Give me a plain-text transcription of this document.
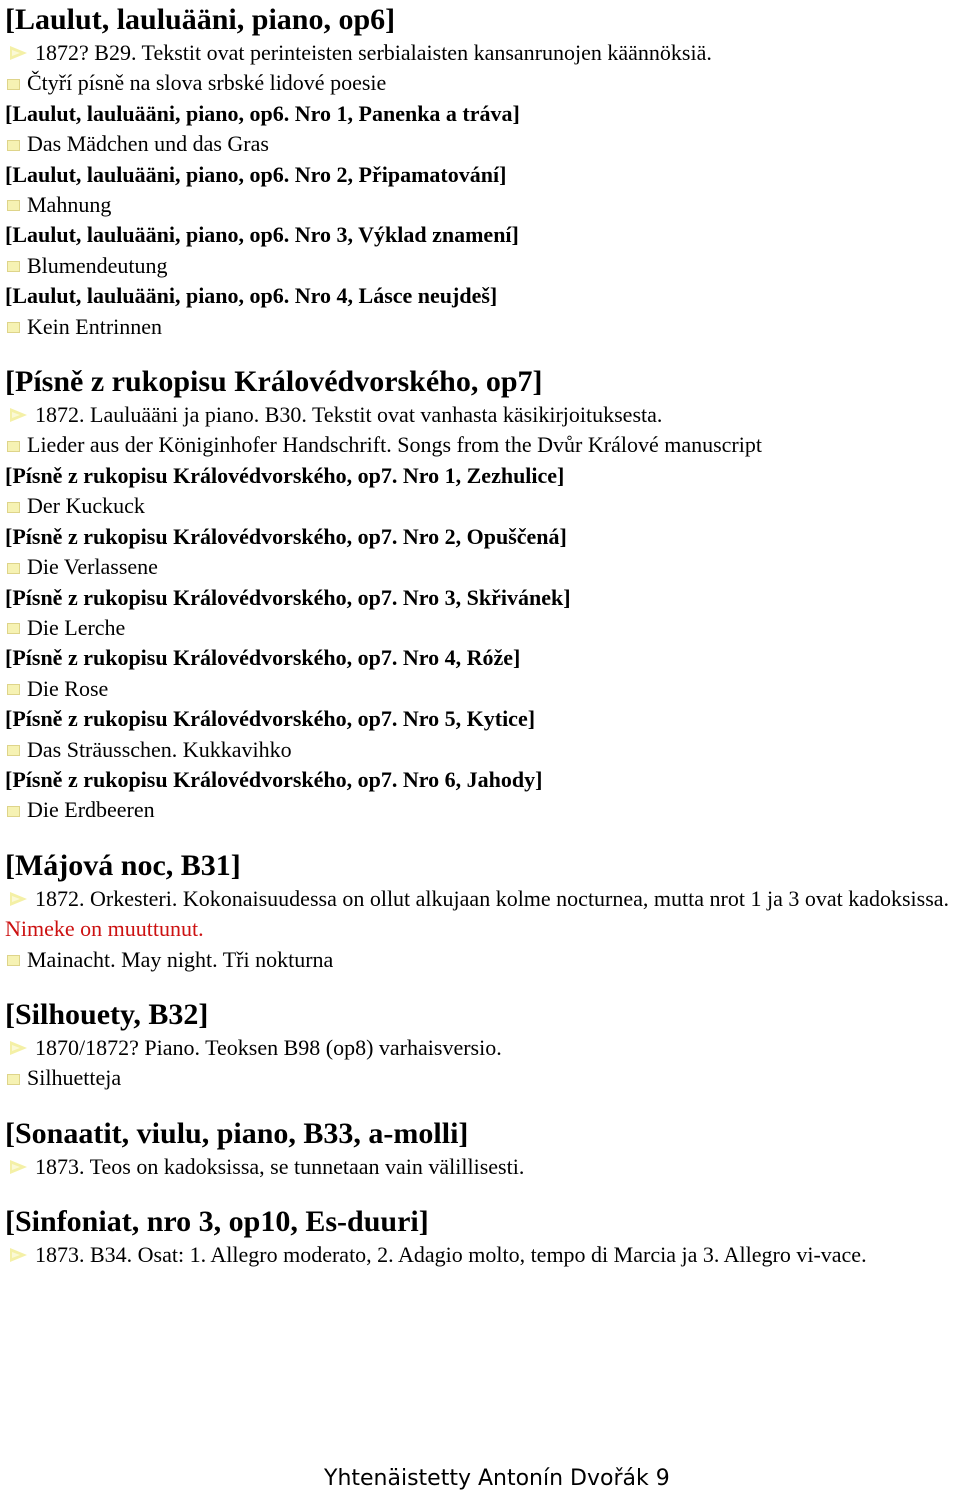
[Laulut, lauluääni, piano, op6]
1872? B29. Tekstit ovat perinteisten serbialaisten kansanrunojen käännöksiä.
Čtyří písně na slova srbské lidové poesie
[Laulut, lauluääni, piano, op6. Nro 1, Panenka a tráva]
Das Mädchen und das Gras
[Laulut, lauluääni, piano, op6. Nro 2, Připamatování]
Mahnung
[Laulut, lauluääni, piano, op6. Nro 3, Výklad znamení]
Blumendeutung
[Laulut, lauluääni, piano, op6. Nro 4, Lásce neujdeš]
Kein Entrinnen
[Písně z rukopisu Královédvorského, op7]
1872. Lauluääni ja piano. B30. Tekstit ovat vanhasta käsikirjoituksesta.
Lieder aus der Königinhofer Handschrift. Songs from the Dvůr Králové manuscript
[Písně z rukopisu Královédvorského, op7. Nro 1, Zezhulice]
Der Kuckuck
[Písně z rukopisu Královédvorského, op7. Nro 2, Opuščená]
Die Verlassene
[Písně z rukopisu Královédvorského, op7. Nro 3, Skřivánek]
Die Lerche
[Písně z rukopisu Královédvorského, op7. Nro 4, Róže]
Die Rose
[Písně z rukopisu Královédvorského, op7. Nro 5, Kytice]
Das Sträusschen. Kukkavihko
[Písně z rukopisu Královédvorského, op7. Nro 6, Jahody]
Die Erdbeeren
[Májová noc, B31]
1872. Orkesteri. Kokonaisuudessa on ollut alkujaan kolme nocturnea, mutta nrot 1 ja 3 ovat kadoksissa. Nimeke on muuttunut.
Mainacht. May night. Tři nokturna
[Silhouety, B32]
1870/1872? Piano. Teoksen B98 (op8) varhaisversio.
Silhuetteja
[Sonaatit, viulu, piano, B33, a-molli]
1873. Teos on kadoksissa, se tunnetaan vain välillisesti.
[Sinfoniat, nro 3, op10, Es-duuri]
1873. B34. Osat: 1. Allegro moderato, 2. Adagio molto, tempo di Marcia ja 3. Allegro vi-vace.
Yhtenäistetty Antonín Dvořák 9
